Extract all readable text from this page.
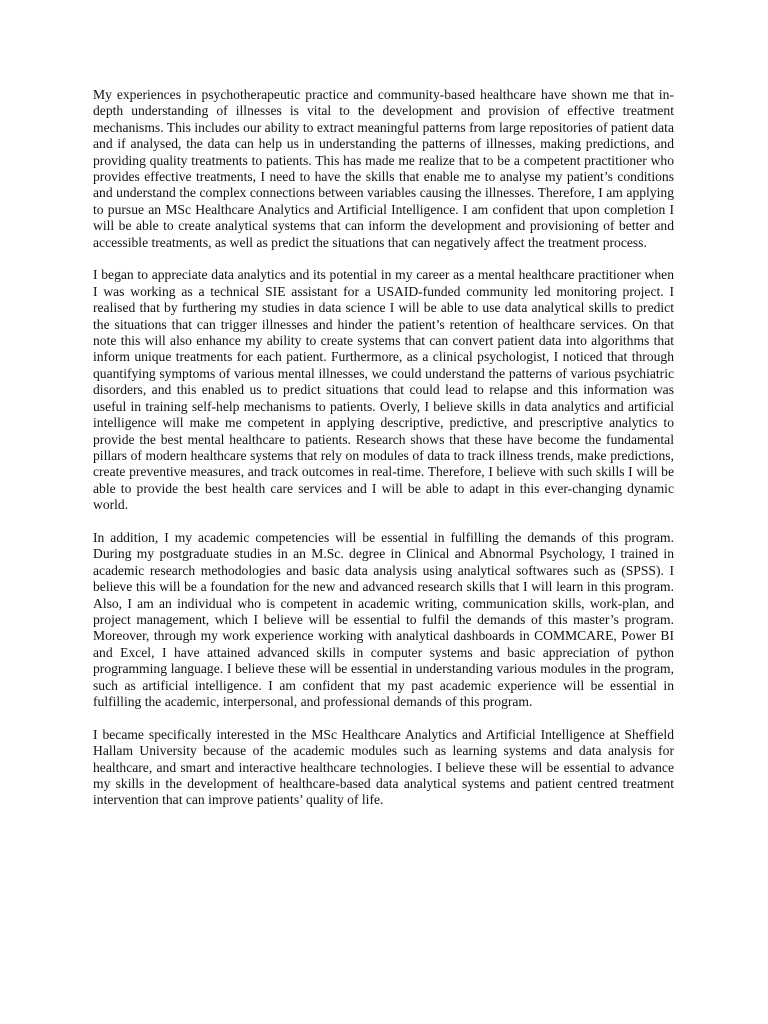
My experiences in psychotherapeutic practice and community-based healthcare have shown me that in-depth understanding of illnesses is vital to the development and provision of effective treatment mechanisms. This includes our ability to extract meaningful patterns from large repositories of patient data and if analysed, the data can help us in understanding the patterns of illnesses, making predictions, and providing quality treatments to patients. This has made me realize that to be a competent practitioner who provides effective treatments, I need to have the skills that enable me to analyse my patient’s conditions and understand the complex connections between variables causing the illnesses. Therefore, I am applying to pursue an MSc Healthcare Analytics and Artificial Intelligence. I am confident that upon completion I will be able to create analytical systems that can inform the development and provisioning of better and accessible treatments, as well as predict the situations that can negatively affect the treatment process.

I began to appreciate data analytics and its potential in my career as a mental healthcare practitioner when I was working as a technical SIE assistant for a USAID-funded community led monitoring project. I realised that by furthering my studies in data science I will be able to use data analytical skills to predict the situations that can trigger illnesses and hinder the patient’s retention of healthcare services. On that note this will also enhance my ability to create systems that can convert patient data into algorithms that inform unique treatments for each patient. Furthermore, as a clinical psychologist, I noticed that through quantifying symptoms of various mental illnesses, we could understand the patterns of various psychiatric disorders, and this enabled us to predict situations that could lead to relapse and this information was useful in training self-help mechanisms to patients. Overly, I believe skills in data analytics and artificial intelligence will make me competent in applying descriptive, predictive, and prescriptive analytics to provide the best mental healthcare to patients. Research shows that these have become the fundamental pillars of modern healthcare systems that rely on modules of data to track illness trends, make predictions, create preventive measures, and track outcomes in real-time. Therefore, I believe with such skills I will be able to provide the best health care services and I will be able to adapt in this ever-changing dynamic world.

In addition, I my academic competencies will be essential in fulfilling the demands of this program. During my postgraduate studies in an M.Sc. degree in Clinical and Abnormal Psychology, I trained in academic research methodologies and basic data analysis using analytical softwares such as (SPSS). I believe this will be a foundation for the new and advanced research skills that I will learn in this program. Also, I am an individual who is competent in academic writing, communication skills, work-plan, and project management, which I believe will be essential to fulfil the demands of this master’s program. Moreover, through my work experience working with analytical dashboards in COMMCARE, Power BI and Excel, I have attained advanced skills in computer systems and basic appreciation of python programming language. I believe these will be essential in understanding various modules in the program, such as artificial intelligence. I am confident that my past academic experience will be essential in fulfilling the academic, interpersonal, and professional demands of this program.

I became specifically interested in the MSc Healthcare Analytics and Artificial Intelligence at Sheffield Hallam University because of the academic modules such as learning systems and data analysis for healthcare, and smart and interactive healthcare technologies. I believe these will be essential to advance my skills in the development of healthcare-based data analytical systems and patient centred treatment intervention that can improve patients’ quality of life.
